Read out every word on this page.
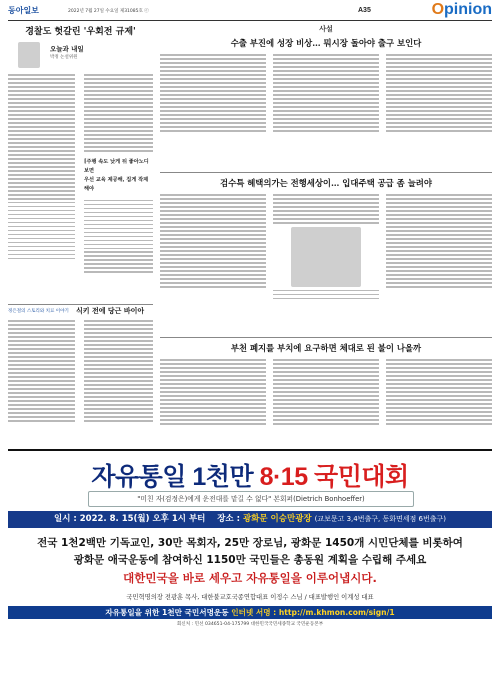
동아일보	2022년 7월 27일 수요일 제31085호 ⓒ	A35	Opinion
경찰도 헛갈린 '우회전 규제'
오늘과 내일
박정 논설위원
[주행 속도 낮게 뒤 좋아노디보면
우선 교육 제공해, 집게 작제해야
정은철의 스토리와 치료 이야기 식키 전에 당근 바이아
사설
수출 부진에 성장 비상… 뭐시장 돌아야 출구 보인다
검수특 헤택의가는 전행세상이… 입대주택 공급 좀 늘려야
부천 폐지를 부치에 요구하면 체대로 된 불이 나올까
자유통일 1천만 8·15 국민대회
"미친 자(검정은)에게 운전대를 맡길 수 없다" 본회퍼(Dietrich Bonhoeffer)
일시 : 2022. 8. 15(월) 오후 1시 부터 장소 : 광화문 이승만광장 (교보문고 3,4번출구, 동화면세점 6번출구)
전국 1천2백만 기독교인, 30만 목회자, 25만 장로님, 광화문 1450개 시민단체를 비롯하여
광화문 애국운동에 참여하신 1150만 국민들은 총동원 계획을 수립해 주세요
대한민국을 바로 세우고 자유통일을 이루어냅시다.
국민혁명의장 전광훈 목사, 대한불교호국종연합대표 이정수 스님 / 대표발행인 이계성 대표
자유통일을 위한 1천만 국민서명운동 인터넷 서명 : http://m.khmon.com/sign/1
회신처 : 민선 034651-04-175799 대한민국국민세종학교 국민운동본부
